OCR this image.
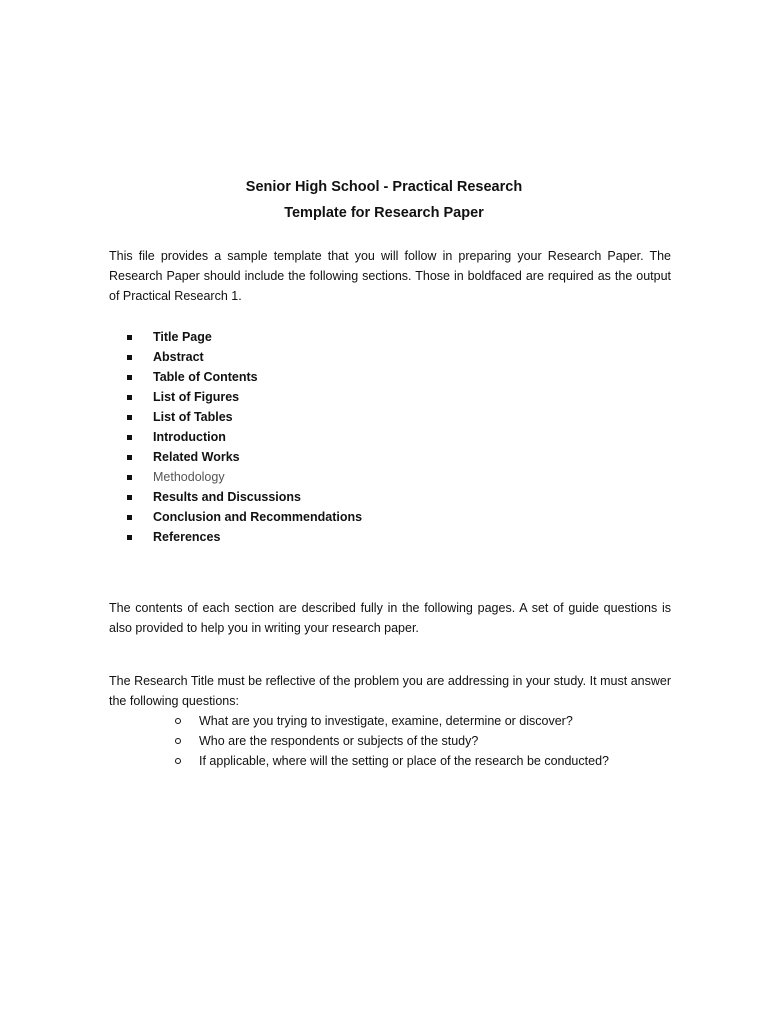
Senior High School - Practical Research
Template for Research Paper
This file provides a sample template that you will follow in preparing your Research Paper. The Research Paper should include the following sections. Those in boldfaced are required as the output of Practical Research 1.
Title Page
Abstract
Table of Contents
List of Figures
List of Tables
Introduction
Related Works
Methodology
Results and Discussions
Conclusion and Recommendations
References
The contents of each section are described fully in the following pages. A set of guide questions is also provided to help you in writing your research paper.
The Research Title must be reflective of the problem you are addressing in your study. It must answer the following questions:
What are you trying to investigate, examine, determine or discover?
Who are the respondents or subjects of the study?
If applicable, where will the setting or place of the research be conducted?
